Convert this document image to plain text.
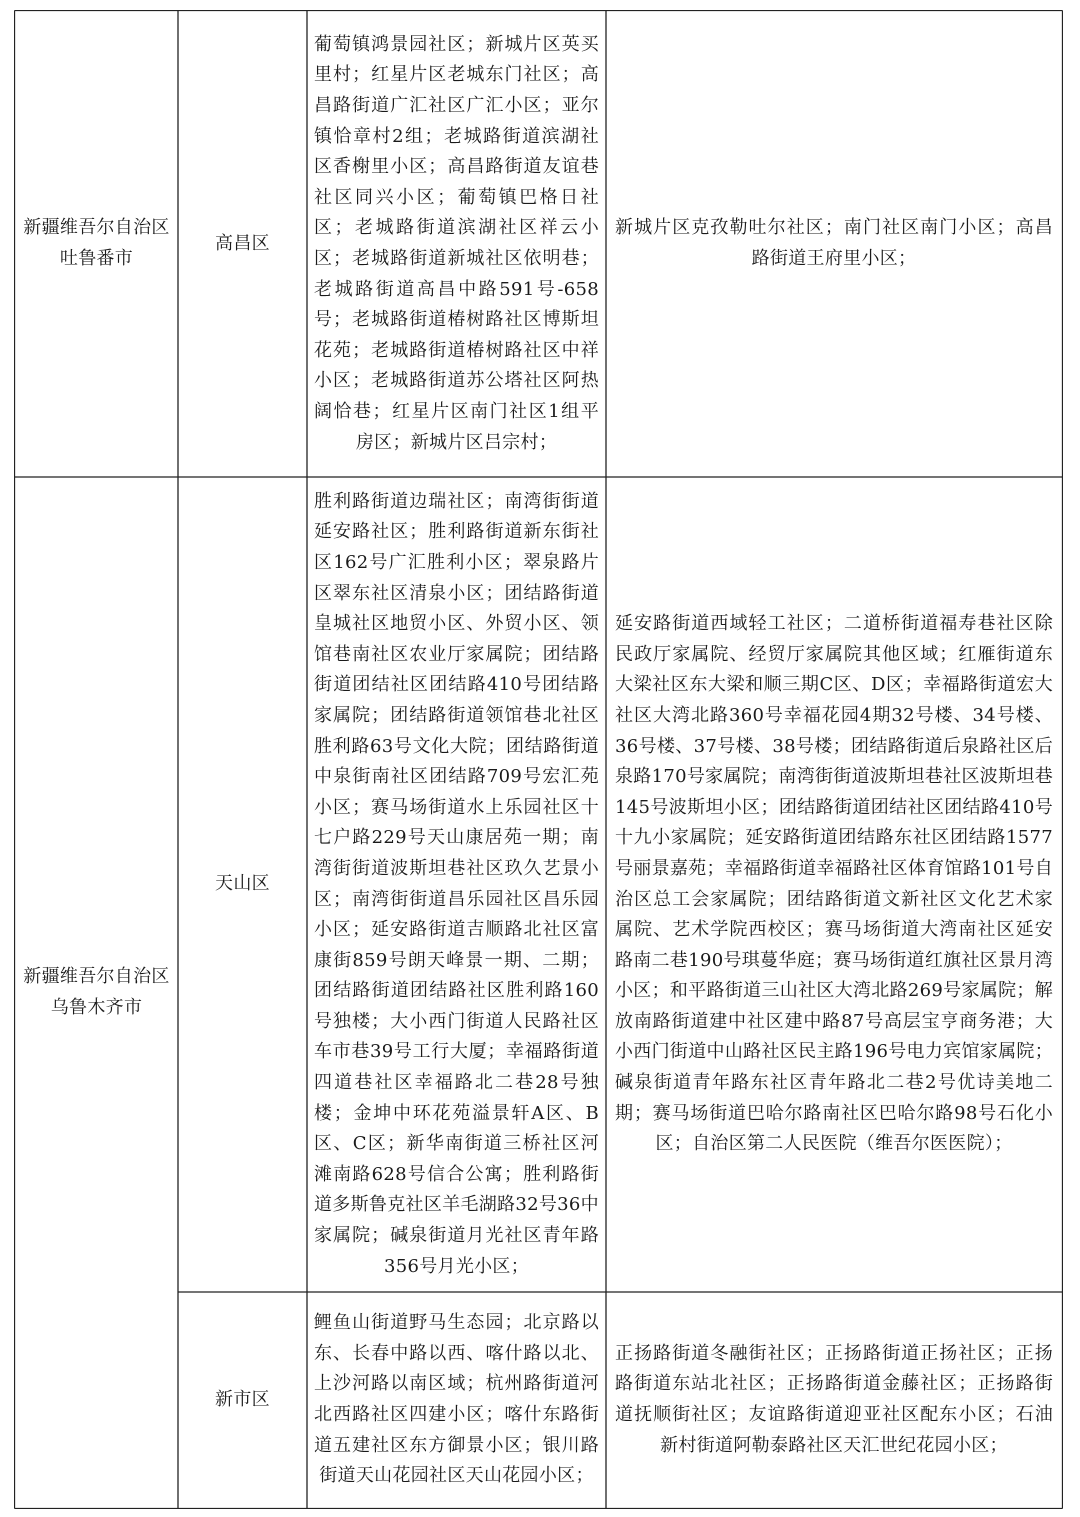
新疆维吾尔自治区吐鲁番市
高昌区
葡萄镇鸿景园社区；新城片区英买里村；红星片区老城东门社区；高昌路街道广汇社区广汇小区；亚尔镇恰章村2组；老城路街道滨湖社区香榭里小区；高昌路街道友谊巷社区同兴小区；葡萄镇巴格日社区；老城路街道滨湖社区祥云小区；老城路街道新城社区依明巷；老城路街道高昌中路591号-658号；老城路街道椿树路社区博斯坦花苑；老城路街道椿树路社区中祥小区；老城路街道苏公塔社区阿热阔恰巷；红星片区南门社区1组平房区；新城片区吕宗村；
新城片区克孜勒吐尔社区；南门社区南门小区；高昌路街道王府里小区；
新疆维吾尔自治区乌鲁木齐市
天山区
胜利路街道边瑞社区；南湾街街道延安路社区；胜利路街道新东街社区162号广汇胜利小区；翠泉路片区翠东社区清泉小区；团结路街道皇城社区地贸小区、外贸小区、领馆巷南社区农业厅家属院；团结路街道团结社区团结路410号团结路家属院；团结路街道领馆巷北社区胜利路63号文化大院；团结路街道中泉街南社区团结路709号宏汇苑小区；赛马场街道水上乐园社区十七户路229号天山康居苑一期；南湾街街道波斯坦巷社区玖久艺景小区；南湾街街道昌乐园社区昌乐园小区；延安路街道吉顺路北社区富康街859号朗天峰景一期、二期；团结路街道团结路社区胜利路160号独楼；大小西门街道人民路社区车市巷39号工行大厦；幸福路街道四道巷社区幸福路北二巷28号独楼；金坤中环花苑溢景轩A区、B区、C区；新华南街道三桥社区河滩南路628号信合公寓；胜利路街道多斯鲁克社区羊毛湖路32号36中家属院；碱泉街道月光社区青年路356号月光小区；
延安路街道西域轻工社区；二道桥街道福寿巷社区除民政厅家属院、经贸厅家属院其他区域；红雁街道东大梁社区东大梁和顺三期C区、D区；幸福路街道宏大社区大湾北路360号幸福花园4期32号楼、34号楼、36号楼、37号楼、38号楼；团结路街道后泉路社区后泉路170号家属院；南湾街街道波斯坦巷社区波斯坦巷145号波斯坦小区；团结路街道团结社区团结路410号十九小家属院；延安路街道团结路东社区团结路1577号丽景嘉苑；幸福路街道幸福路社区体育馆路101号自治区总工会家属院；团结路街道文新社区文化艺术家属院、艺术学院西校区；赛马场街道大湾南社区延安路南二巷190号琪蔓华庭；赛马场街道红旗社区景月湾小区；和平路街道三山社区大湾北路269号家属院；解放南路街道建中社区建中路87号高层宝亨商务港；大小西门街道中山路社区民主路196号电力宾馆家属院；碱泉街道青年路东社区青年路北二巷2号优诗美地二期；赛马场街道巴哈尔路南社区巴哈尔路98号石化小区；自治区第二人民医院（维吾尔医医院）；
新市区
鲤鱼山街道野马生态园；北京路以东、长春中路以西、喀什路以北、上沙河路以南区域；杭州路街道河北西路社区四建小区；喀什东路街道五建社区东方御景小区；银川路街道天山花园社区天山花园小区；
正扬路街道冬融街社区；正扬路街道正扬社区；正扬路街道东站北社区；正扬路街道金藤社区；正扬路街道抚顺街社区；友谊路街道迎亚社区配东小区；石油新村街道阿勒泰路社区天汇世纪花园小区；
